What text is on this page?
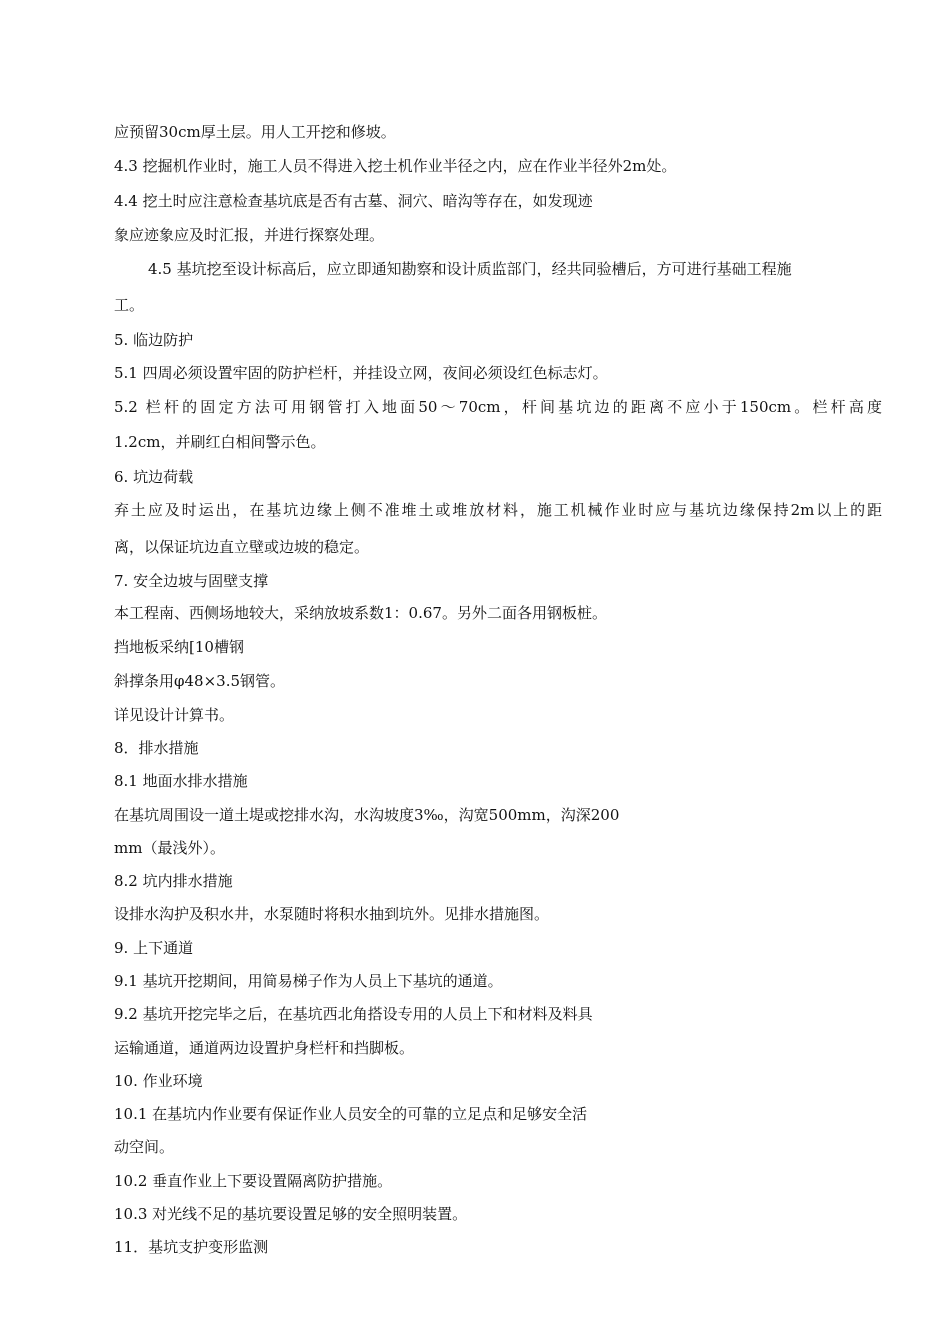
应预留30cm厚土层。用人工开挖和修坡。
4.3 挖掘机作业时，施工人员不得进入挖土机作业半径之内，应在作业半径外2m处。
4.4 挖土时应注意检查基坑底是否有古墓、洞穴、暗沟等存在，如发现迹
象应迹象应及时汇报，并进行探察处理。
4.5 基坑挖至设计标高后，应立即通知勘察和设计质监部门，经共同验槽后，方可进行基础工程施
工。
5. 临边防护
5.1 四周必须设置牢固的防护栏杆，并挂设立网，夜间必须设红色标志灯。
5.2 栏杆的固定方法可用钢管打入地面50～70cm，杆间基坑边的距离不应小于150cm。栏杆高度
1.2cm，并刷红白相间警示色。
6. 坑边荷载
弃土应及时运出，在基坑边缘上侧不准堆土或堆放材料，施工机械作业时应与基坑边缘保持2m以上的距
离，以保证坑边直立壁或边坡的稳定。
7. 安全边坡与固壁支撑
本工程南、西侧场地较大，采纳放坡系数1：0.67。另外二面各用钢板桩。
挡地板采纳[10槽钢
斜撑条用φ48×3.5钢管。
详见设计计算书。
8．排水措施
8.1 地面水排水措施
在基坑周围设一道土堤或挖排水沟，水沟坡度3‰，沟宽500mm，沟深200
mm（最浅外）。
8.2 坑内排水措施
设排水沟护及积水井，水泵随时将积水抽到坑外。见排水措施图。
9. 上下通道
9.1 基坑开挖期间，用简易梯子作为人员上下基坑的通道。
9.2 基坑开挖完毕之后，在基坑西北角搭设专用的人员上下和材料及料具
运输通道，通道两边设置护身栏杆和挡脚板。
10. 作业环境
10.1 在基坑内作业要有保证作业人员安全的可靠的立足点和足够安全活
动空间。
10.2 垂直作业上下要设置隔离防护措施。
10.3 对光线不足的基坑要设置足够的安全照明装置。
11．基坑支护变形监测
